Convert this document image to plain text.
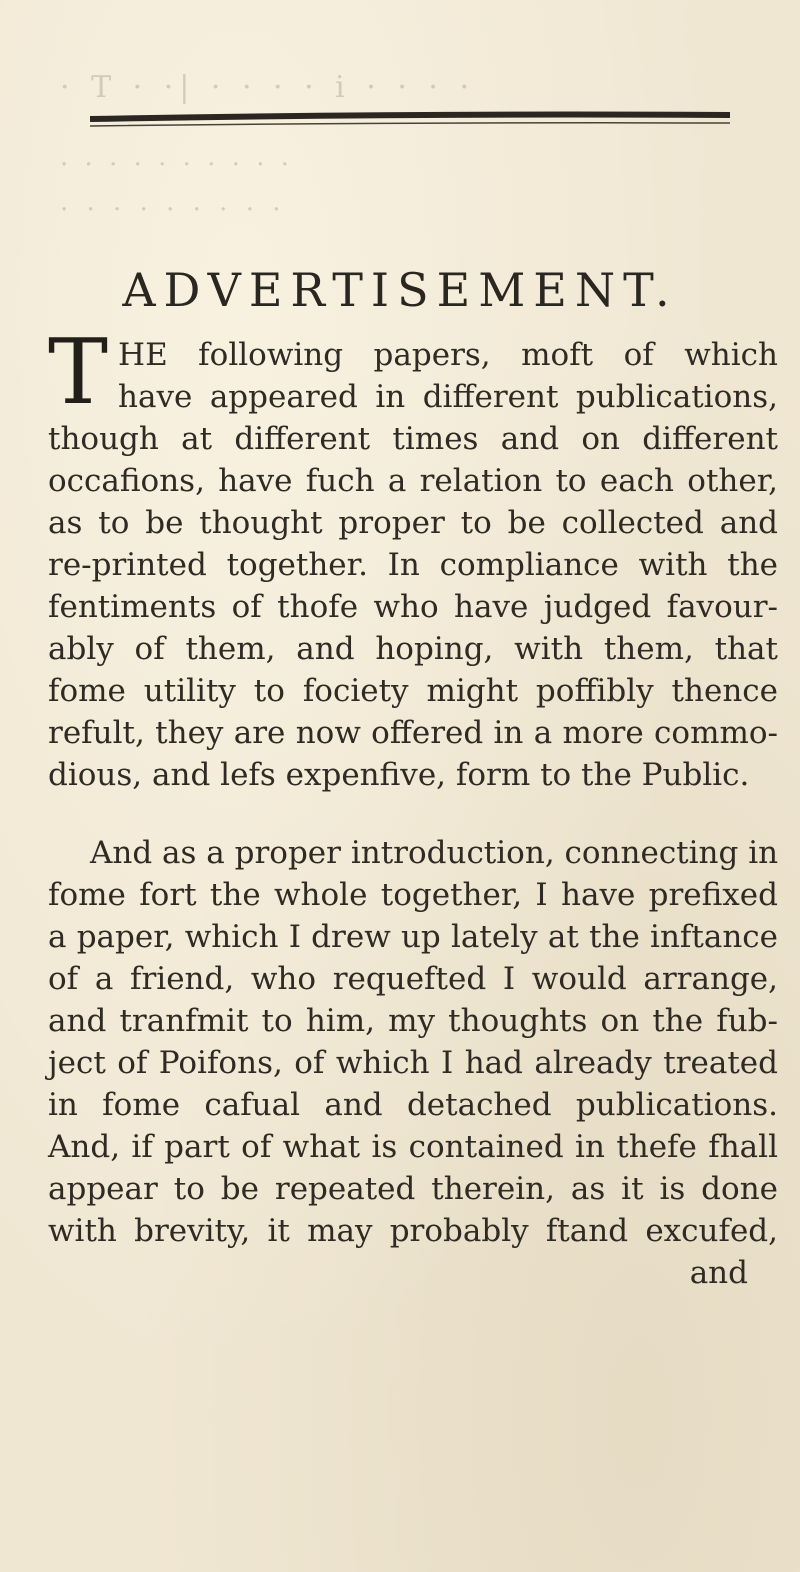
· T · ·| · · · · i · · · ·
· · · · · · · · · ·
· · · · · · · · ·
ADVERTISEMENT.
T HE following papers, moft of which
have appeared in different publications,
though at different times and on different
occafions, have fuch a relation to each other,
as to be thought proper to be collected and
re-printed together. In compliance with the
fentiments of thofe who have judged favour-
ably of them, and hoping, with them, that
fome utility to fociety might poffibly thence
refult, they are now offered in a more commo-
dious, and lefs expenfive, form to the Public.
And as a proper introduction, connecting in
fome fort the whole together, I have prefixed
a paper, which I drew up lately at the inftance
of a friend, who requefted I would arrange,
and tranfmit to him, my thoughts on the fub-
ject of Poifons, of which I had already treated
in fome cafual and detached publications.
And, if part of what is contained in thefe fhall
appear to be repeated therein, as it is done
with brevity, it may probably ftand excufed,
and
